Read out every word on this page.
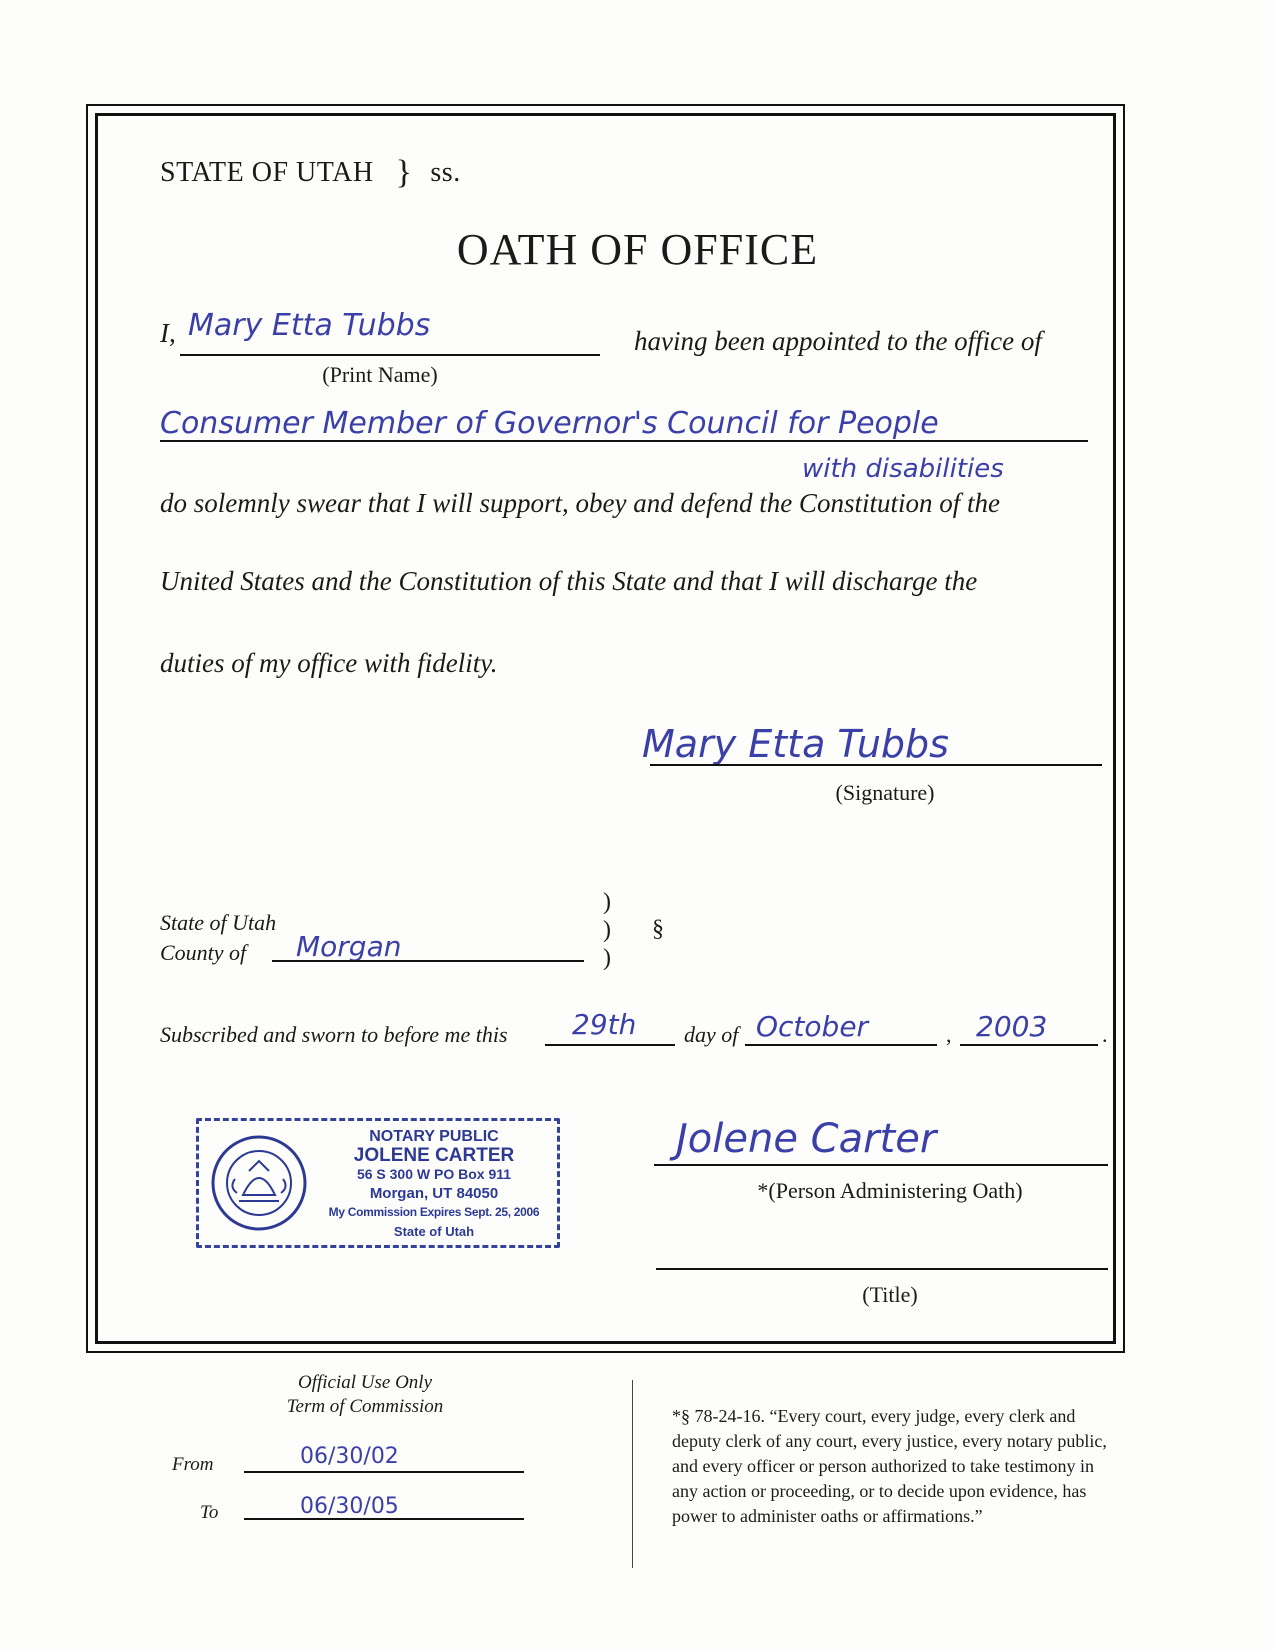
STATE OF UTAH } ss.
OATH OF OFFICE
I, Mary Etta Tubbs
(Print Name)
having been appointed to the office of
Consumer Member of Governor's Council for People
with disabilities
do solemnly swear that I will support, obey and defend the Constitution of the
United States and the Constitution of this State and that I will discharge the
duties of my office with fidelity.
Mary Etta Tubbs
(Signature)
State of Utah
County of Morgan
)
)
)
§
Subscribed and sworn to before me this 29th day of October	, 2003 .
NOTARY PUBLIC
JOLENE CARTER
56 S 300 W PO Box 911
Morgan, UT 84050
My Commission Expires Sept. 25, 2006
State of Utah
Jolene Carter
*(Person Administering Oath)
(Title)
Official Use Only
Term of Commission
From	06/30/02
To	06/30/05
*§ 78-24-16. “Every court, every judge, every clerk and
deputy clerk of any court, every justice, every notary public,
and every officer or person authorized to take testimony in
any action or proceeding, or to decide upon evidence, has
power to administer oaths or affirmations.”
